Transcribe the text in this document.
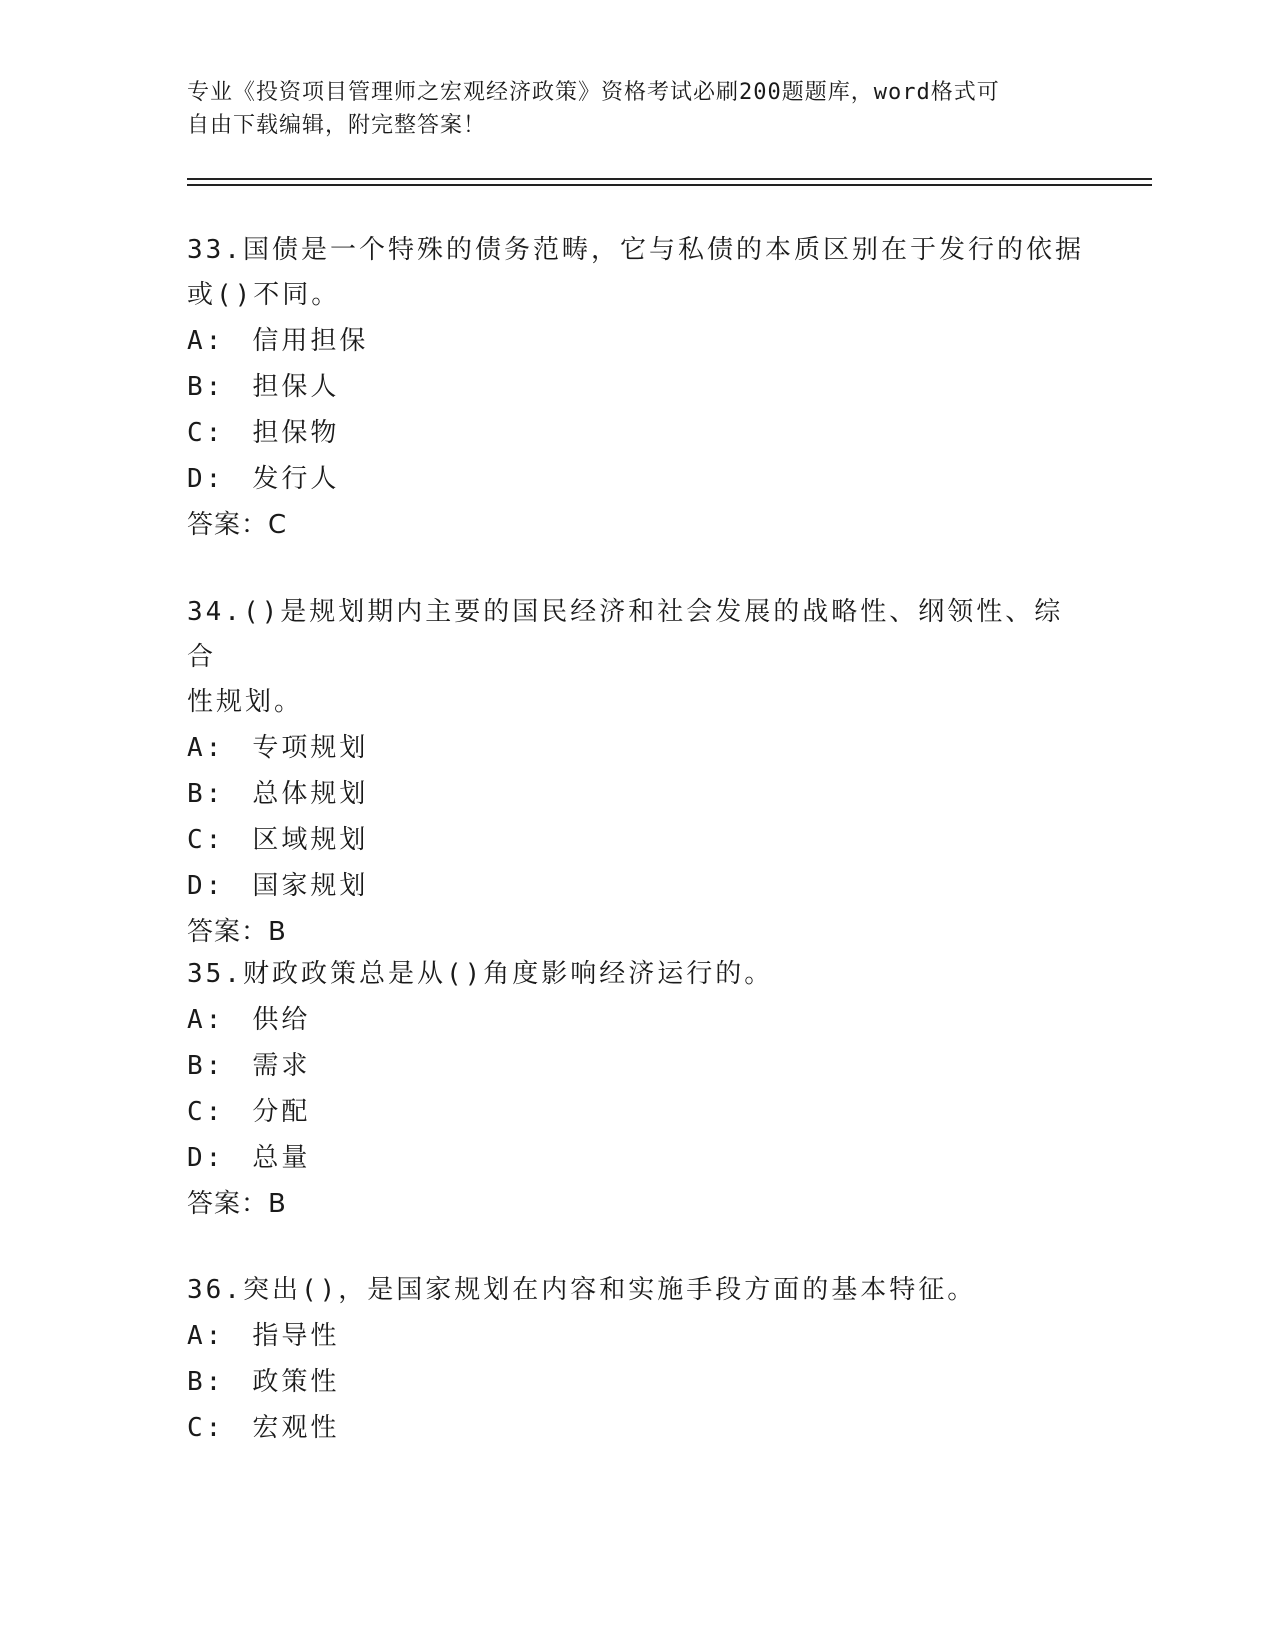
专业《投资项目管理师之宏观经济政策》资格考试必刷200题题库，word格式可
自由下载编辑，附完整答案！

33.国债是一个特殊的债务范畴，它与私债的本质区别在于发行的依据

或()不同。

A: 信用担保

B: 担保人

C: 担保物

D: 发行人

答案：C

34.()是规划期内主要的国民经济和社会发展的战略性、纲领性、综合

性规划。

A: 专项规划

B: 总体规划

C: 区域规划

D: 国家规划

答案：B

35.财政政策总是从()角度影响经济运行的。

A: 供给

B: 需求

C: 分配

D: 总量

答案：B

36.突出()，是国家规划在内容和实施手段方面的基本特征。

A: 指导性

B: 政策性

C: 宏观性
